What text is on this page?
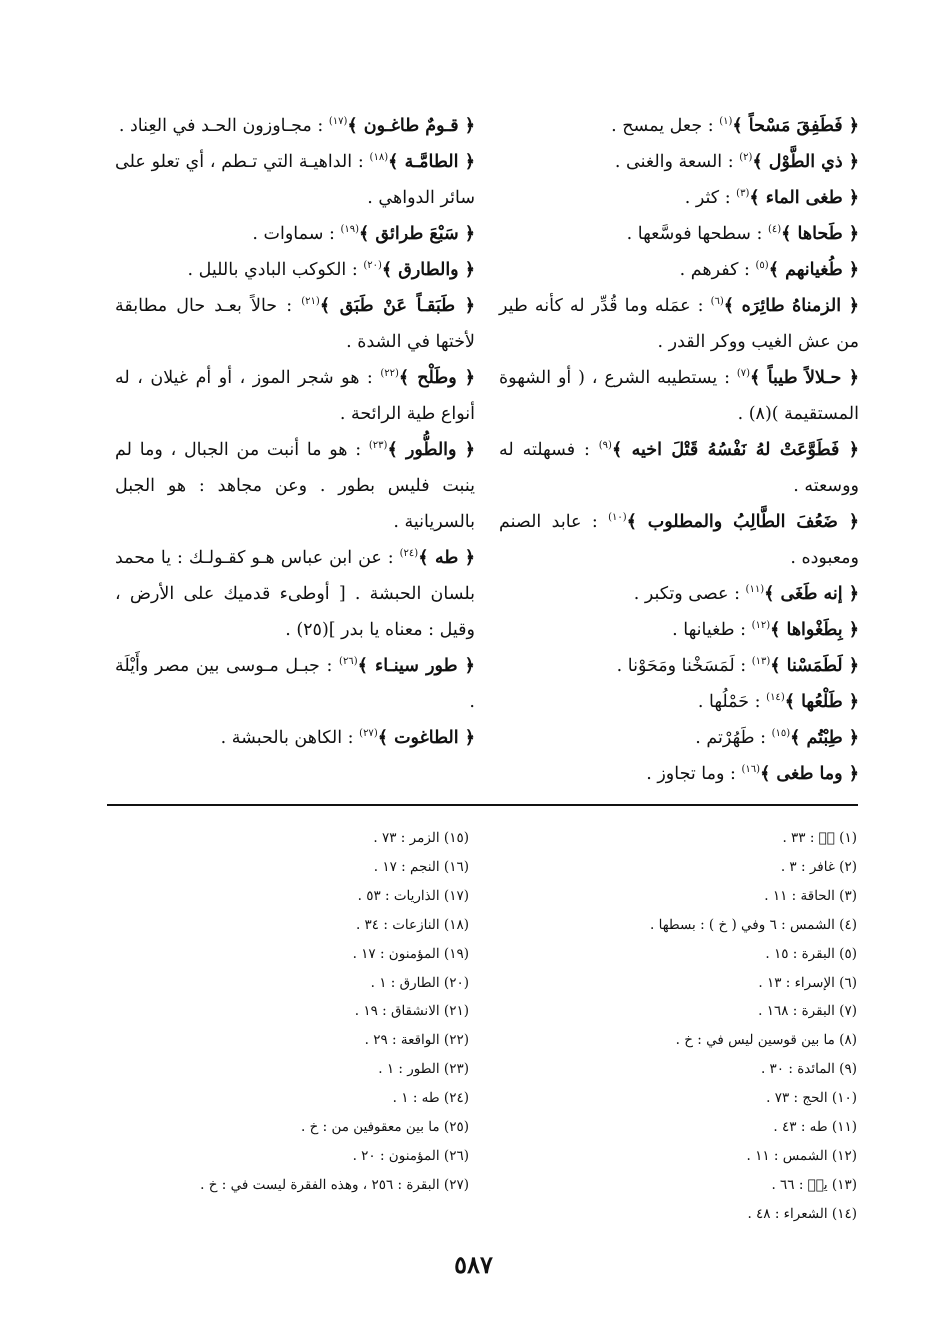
﴿ فَطَفِقَ مَسْحاً ﴾$^{(١)}$ : جعل يمسح .

﴿ ذي الطَّوْل ﴾$^{(٢)}$ : السعة والغنى .

﴿ طغى الماء ﴾$^{(٣)}$ : كثر .

﴿ طَحاها ﴾$^{(٤)}$ : سطحها فوسَّعها .

﴿ طُغيانهم ﴾$^{(٥)}$ : كفرهم .

﴿ الزمناهُ طائِرَه ﴾$^{(٦)}$ : عمَله وما قُدِّر له كأنه طير من عش الغيب ووكر القدر .

﴿ حـلالاً طيباً ﴾$^{(٧)}$ : يستطيبه الشرع ، ( أو الشهوة المستقيمة )(٨) .

﴿ فَطَوَّعَتْ لهُ نَفْسُهُ قَتْلَ اخيه ﴾$^{(٩)}$ : فسهلته له ووسعته .

﴿ ضَعُفَ الطَّالِبُ والمطلوب ﴾$^{(١٠)}$ : عابد الصنم ومعبوده .

﴿ إنه طَغَى ﴾$^{(١١)}$ : عصى وتكبر .

﴿ بِطَغْواها ﴾$^{(١٢)}$ : طغيانها .

﴿ لَطَمَسْنا ﴾$^{(١٣)}$ : لَمَسَخْنا ومَحَوْنا .

﴿ طَلْعُها ﴾$^{(١٤)}$ : حَمْلُها .

﴿ طِبْتُم ﴾$^{(١٥)}$ : طَهُرْتم .

﴿ وما طغى ﴾$^{(١٦)}$ : وما تجاوز .

﴿ قـومٌ طاغـون ﴾$^{(١٧)}$ : مجـاوزون الحـد في العِناد .

﴿ الطامَّـة ﴾$^{(١٨)}$ : الداهيـة التي تـطم ، أي تعلو على سائر الدواهي .

﴿ سَبْعَ طرائق ﴾$^{(١٩)}$ : سماوات .

﴿ والطارق ﴾$^{(٢٠)}$ : الكوكب البادي بالليل .

﴿ طَبَقـاً عَنْ طَبَق ﴾$^{(٢١)}$ : حالاً بعـد حال مطابقة لأختها في الشدة .

﴿ وطَلْح ﴾$^{(٢٢)}$ : هو شجر الموز ، أو أم غيلان ، له أنواع طية الرائحة .

﴿ والطُّور ﴾$^{(٢٣)}$ : هو ما أنبت من الجبال ، وما لم ينبت فليس بطور . وعن مجاهد : هو الجبل بالسريانية .

﴿ طه ﴾$^{(٢٤)}$ : عن ابن عباس هـو كقـولـك : يا محمد بلسان الحبشة . [ أوطىء قدميك على الأرض ، وقيل : معناه يا بدر ](٢٥) .

﴿ طور سينـاء ﴾$^{(٢٦)}$ : جبـل مـوسى بين مصر وأَيْلَة .

﴿ الطاغوت ﴾$^{(٢٧)}$ : الكاهن بالحبشة .

(١) صۤ : ٣٣ .

(٢) غافر : ٣ .

(٣) الحاقة : ١١ .

(٤) الشمس : ٦ وفي ( خ ) : بسطها .

(٥) البقرة : ١٥ .

(٦) الإسراء : ١٣ .

(٧) البقرة : ١٦٨ .

(٨) ما بين قوسين ليس في : خ .

(٩) المائدة : ٣٠ .

(١٠) الحج : ٧٣ .

(١١) طه : ٤٣ .

(١٢) الشمس : ١١ .

(١٣) يسۤ : ٦٦ .

(١٤) الشعراء : ٤٨ .

(١٥) الزمر : ٧٣ .

(١٦) النجم : ١٧ .

(١٧) الذاريات : ٥٣ .

(١٨) النازعات : ٣٤ .

(١٩) المؤمنون : ١٧ .

(٢٠) الطارق : ١ .

(٢١) الانشقاق : ١٩ .

(٢٢) الواقعة : ٢٩ .

(٢٣) الطور : ١ .

(٢٤) طه : ١ .

(٢٥) ما بين معقوفين من : خ .

(٢٦) المؤمنون : ٢٠ .

(٢٧) البقرة : ٢٥٦ ، وهذه الفقرة ليست في : خ .

٥٨٧
